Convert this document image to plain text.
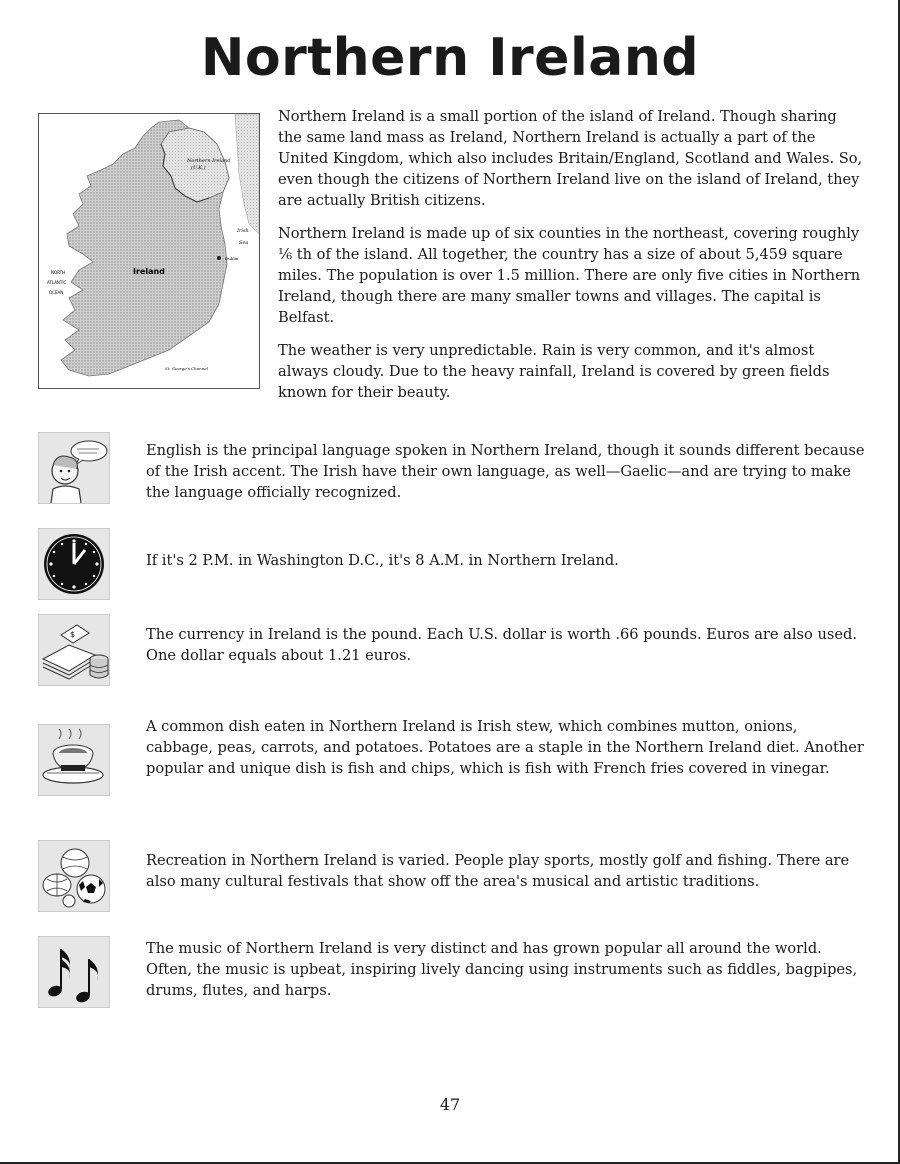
Northern Ireland
Northern Ireland
(U.K.)
Ireland
NORTH
ATLANTIC
OCEAN
Irish
Sea
Dublin
St. George's Channel

Northern Ireland is a small portion of the island of Ireland. Though sharing the same land mass as Ireland, Northern Ireland is actually a part of the United Kingdom, which also includes Britain/England, Scotland and Wales. So, even though the citizens of Northern Ireland live on the island of Ireland, they are actually British citizens.

Northern Ireland is made up of six counties in the northeast, covering roughly ⅙ th of the island. All together, the country has a size of about 5,459 square miles. The population is over 1.5 million. There are only five cities in Northern Ireland, though there are many smaller towns and villages. The capital is Belfast.

The weather is very unpredictable. Rain is very common, and it's almost always cloudy. Due to the heavy rainfall, Ireland is covered by green fields known for their beauty.

English is the principal language spoken in Northern Ireland, though it sounds different because of the Irish accent. The Irish have their own language, as well—Gaelic—and are trying to make the language officially recognized.
If it's 2 P.M. in Washington D.C., it's 8 A.M. in Northern Ireland.
$	The currency in Ireland is the pound. Each U.S. dollar is worth .66 pounds. Euros are also used. One dollar equals about 1.21 euros.
A common dish eaten in Northern Ireland is Irish stew, which combines mutton, onions, cabbage, peas, carrots, and potatoes. Potatoes are a staple in the Northern Ireland diet. Another popular and unique dish is fish and chips, which is fish with French fries covered in vinegar.
Recreation in Northern Ireland is varied. People play sports, mostly golf and fishing. There are also many cultural festivals that show off the area's musical and artistic traditions.
The music of Northern Ireland is very distinct and has grown popular all around the world. Often, the music is upbeat, inspiring lively dancing using instruments such as fiddles, bagpipes, drums, flutes, and harps.
47
